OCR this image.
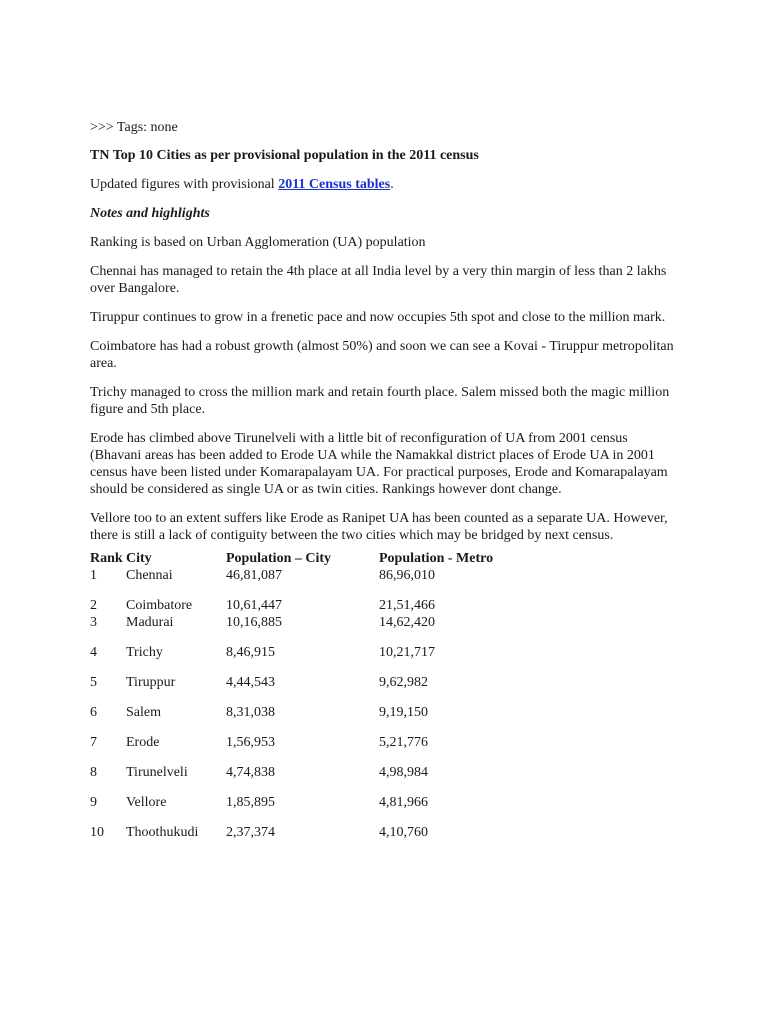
>>> Tags: none

TN Top 10 Cities as per provisional population in the 2011 census

Updated figures with provisional 2011 Census tables.

Notes and highlights

Ranking is based on Urban Agglomeration (UA) population

Chennai has managed to retain the 4th place at all India level by a very thin margin of less than 2 lakhs over Bangalore.

Tiruppur continues to grow in a frenetic pace and now occupies 5th spot and close to the million mark.

Coimbatore has had a robust growth (almost 50%) and soon we can see a Kovai - Tiruppur metropolitan area.

Trichy managed to cross the million mark and retain fourth place. Salem missed both the magic million figure and 5th place.

Erode has climbed above Tirunelveli with a little bit of reconfiguration of UA from 2001 census (Bhavani areas has been added to Erode UA while the Namakkal district places of Erode UA in 2001 census have been listed under Komarapalayam UA. For practical purposes, Erode and Komarapalayam should be considered as single UA or as twin cities. Rankings however dont change.

Vellore too to an extent suffers like Erode as Ranipet UA has been counted as a separate UA. However, there is still a lack of contiguity between the two cities which may be bridged by next census.

Rank	City	Population – City	Population - Metro
1	Chennai	46,81,087	86,96,010
2	Coimbatore	10,61,447	21,51,466
3	Madurai	10,16,885	14,62,420
4	Trichy	8,46,915	10,21,717
5	Tiruppur	4,44,543	9,62,982
6	Salem	8,31,038	9,19,150
7	Erode	1,56,953	5,21,776
8	Tirunelveli	4,74,838	4,98,984
9	Vellore	1,85,895	4,81,966
10	Thoothukudi	2,37,374	4,10,760
